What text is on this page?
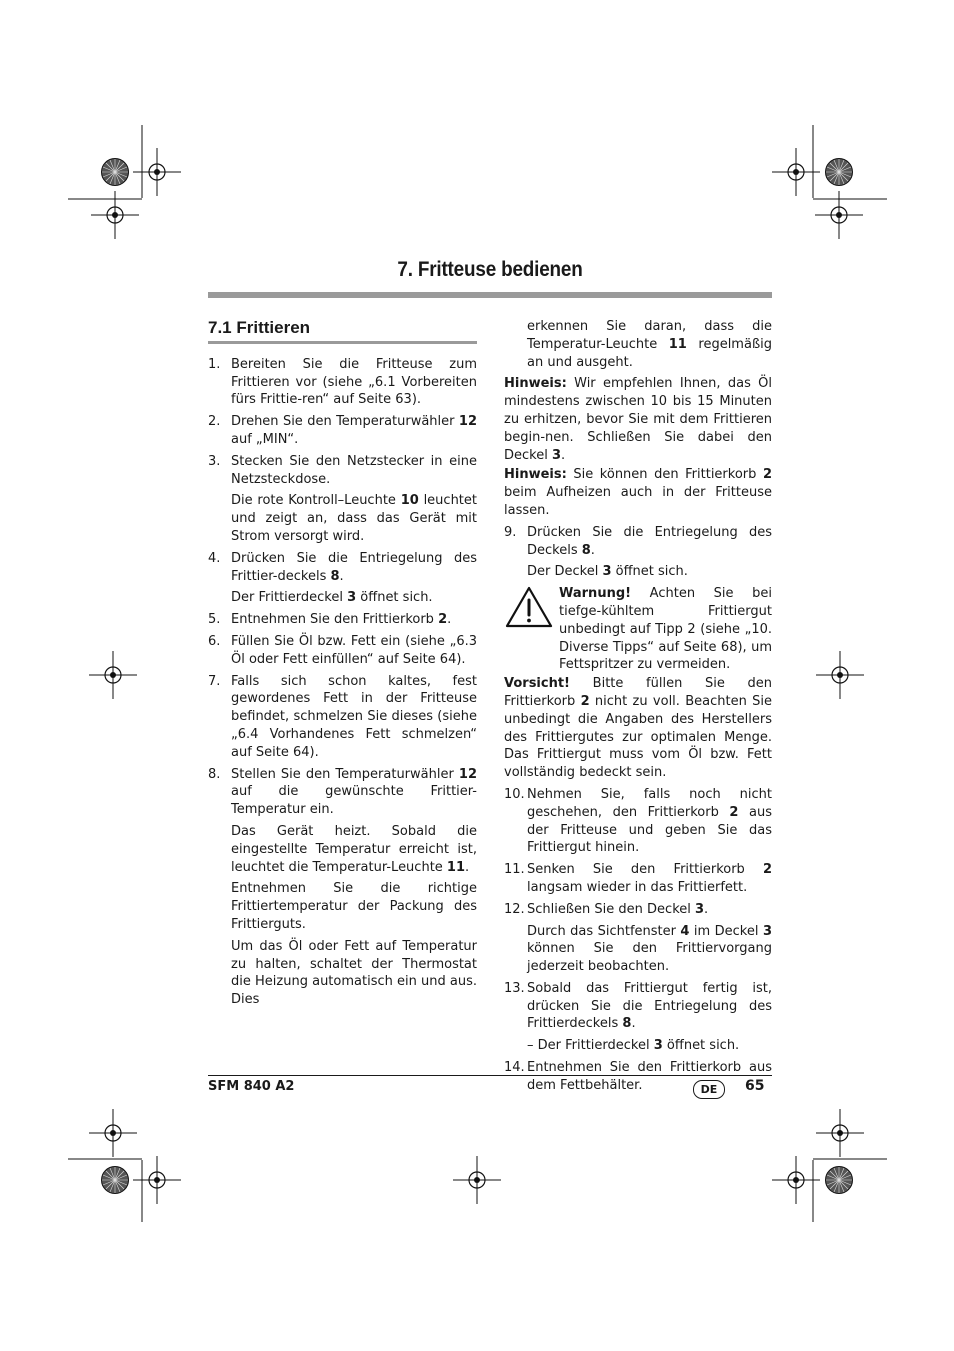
7. Fritteuse bedienen
7.1 Frittieren
1. Bereiten Sie die Fritteuse zum Frittieren vor (siehe „6.1 Vorbereiten fürs Frittie-ren“ auf Seite 63).
2. Drehen Sie den Temperaturwähler 12 auf „MIN“.
3. Stecken Sie den Netzstecker in eine Netzsteckdose.
Die rote Kontroll–Leuchte 10 leuchtet und zeigt an, dass das Gerät mit Strom versorgt wird.
4. Drücken Sie die Entriegelung des Frittier-deckels 8.
Der Frittierdeckel 3 öffnet sich.
5. Entnehmen Sie den Frittierkorb 2.
6. Füllen Sie Öl bzw. Fett ein (siehe „6.3 Öl oder Fett einfüllen“ auf Seite 64).
7. Falls sich schon kaltes, fest gewordenes Fett in der Fritteuse befindet, schmelzen Sie dieses (siehe „6.4 Vorhandenes Fett schmelzen“ auf Seite 64).
8. Stellen Sie den Temperaturwähler 12 auf die gewünschte Frittier-Temperatur ein.
Das Gerät heizt. Sobald die eingestellte Temperatur erreicht ist, leuchtet die Temperatur-Leuchte 11.
Entnehmen Sie die richtige Frittiertemperatur der Packung des Frittierguts.
Um das Öl oder Fett auf Temperatur zu halten, schaltet der Thermostat die Heizung automatisch ein und aus. Dies
erkennen Sie daran, dass die Temperatur-Leuchte 11 regelmäßig an und ausgeht.
Hinweis: Wir empfehlen Ihnen, das Öl mindestens zwischen 10 bis 15 Minuten zu erhitzen, bevor Sie mit dem Frittieren begin-nen. Schließen Sie dabei den Deckel 3.
Hinweis: Sie können den Frittierkorb 2 beim Aufheizen auch in der Fritteuse lassen.
9. Drücken Sie die Entriegelung des Deckels 8.
Der Deckel 3 öffnet sich.
Warnung! Achten Sie bei tiefge-kühltem Frittiergut unbedingt auf Tipp 2 (siehe „10. Diverse Tipps“ auf Seite 68), um Fettspritzer zu vermeiden.
Vorsicht! Bitte füllen Sie den Frittierkorb 2 nicht zu voll. Beachten Sie unbedingt die Angaben des Herstellers des Frittiergutes zur optimalen Menge. Das Frittiergut muss vom Öl bzw. Fett vollständig bedeckt sein.
10. Nehmen Sie, falls noch nicht geschehen, den Frittierkorb 2 aus der Fritteuse und geben Sie das Frittiergut hinein.
11. Senken Sie den Frittierkorb 2 langsam wieder in das Frittierfett.
12. Schließen Sie den Deckel 3.
Durch das Sichtfenster 4 im Deckel 3 können Sie den Frittiervorgang jederzeit beobachten.
13. Sobald das Frittiergut fertig ist, drücken Sie die Entriegelung des Frittierdeckels 8.
– Der Frittierdeckel 3 öffnet sich.
14. Entnehmen Sie den Frittierkorb aus dem Fettbehälter.
SFM 840 A2	DE	65
